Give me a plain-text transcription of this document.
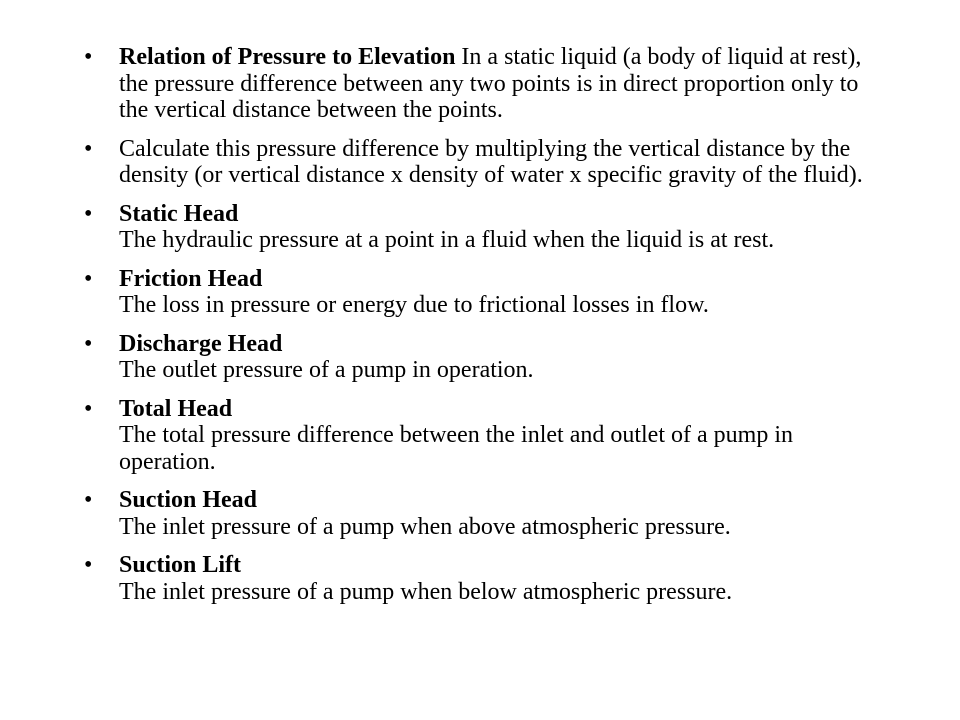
• Relation of Pressure to Elevation In a static liquid (a body of liquid at rest), the pressure difference between any two points is in direct proportion only to the vertical distance between the points.
• Calculate this pressure difference by multiplying the vertical distance by the density (or vertical distance x density of water x specific gravity of the fluid).
• Static Head
The hydraulic pressure at a point in a fluid when the liquid is at rest.
• Friction Head
The loss in pressure or energy due to frictional losses in flow.
• Discharge Head
The outlet pressure of a pump in operation.
• Total Head
The total pressure difference between the inlet and outlet of a pump in operation.
• Suction Head
The inlet pressure of a pump when above atmospheric pressure.
• Suction Lift
The inlet pressure of a pump when below atmospheric pressure.
